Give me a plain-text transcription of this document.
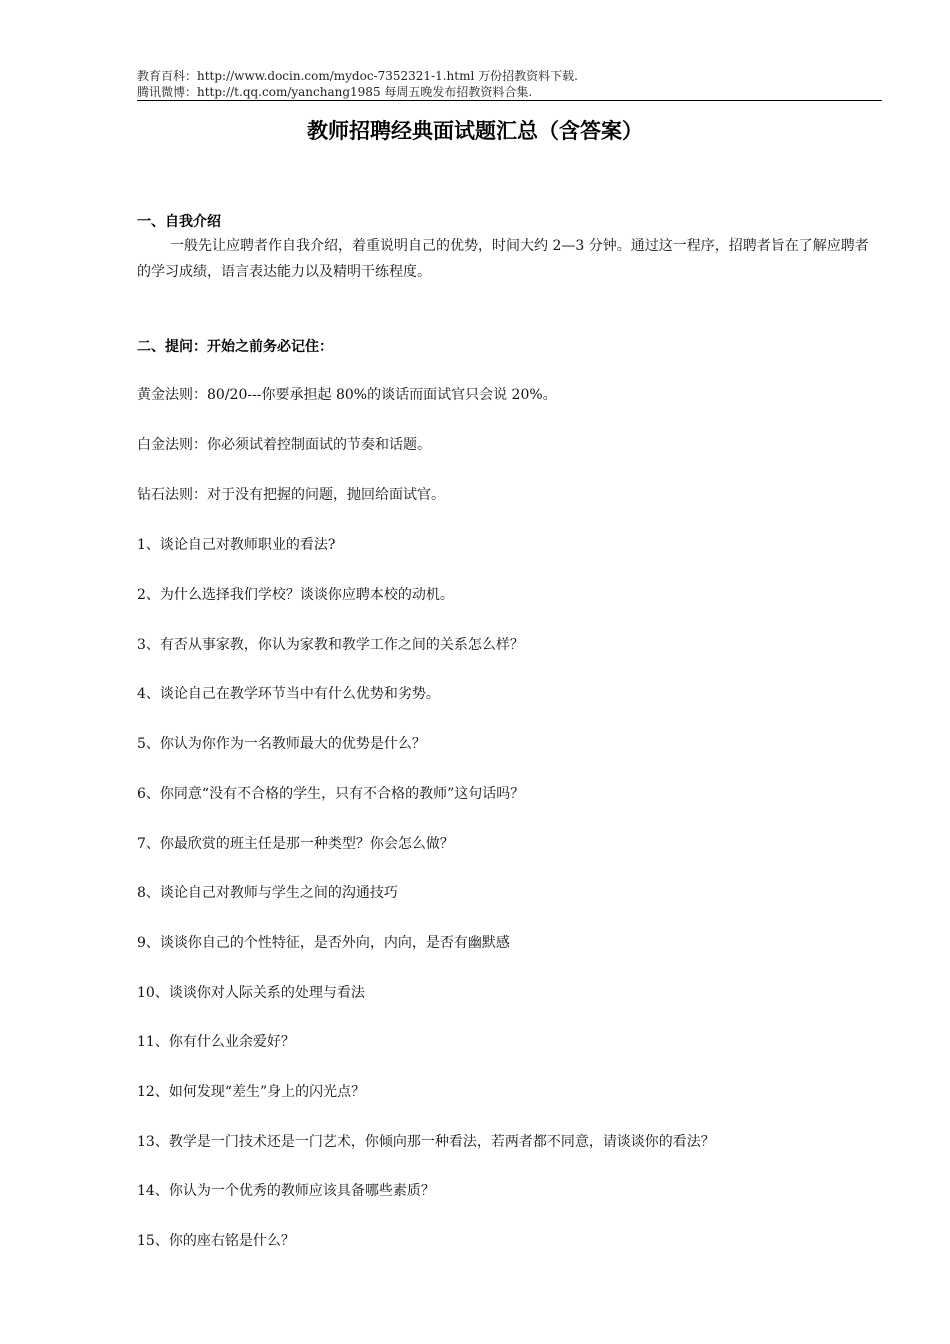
教育百科：http://www.docin.com/mydoc-7352321-1.html 万份招教资料下载.
腾讯微博：http://t.qq.com/yanchang1985 每周五晚发布招教资料合集.
教师招聘经典面试题汇总（含答案）
一、自我介绍
一般先让应聘者作自我介绍，着重说明自己的优势，时间大约 2—3 分钟。通过这一程序，招聘者旨在了解应聘者的学习成绩，语言表达能力以及精明干练程度。
二、提问：开始之前务必记住：
黄金法则：80/20---你要承担起 80%的谈话而面试官只会说 20%。
白金法则：你必须试着控制面试的节奏和话题。
钻石法则：对于没有把握的问题，抛回给面试官。
1、谈论自己对教师职业的看法?
2、为什么选择我们学校？谈谈你应聘本校的动机。
3、有否从事家教，你认为家教和教学工作之间的关系怎么样？
4、谈论自己在教学环节当中有什么优势和劣势。
5、你认为你作为一名教师最大的优势是什么？
6、你同意“没有不合格的学生，只有不合格的教师”这句话吗？
7、你最欣赏的班主任是那一种类型？你会怎么做？
8、谈论自己对教师与学生之间的沟通技巧
9、谈谈你自己的个性特征，是否外向，内向，是否有幽默感
10、谈谈你对人际关系的处理与看法
11、你有什么业余爱好？
12、如何发现“差生”身上的闪光点？
13、教学是一门技术还是一门艺术，你倾向那一种看法，若两者都不同意，请谈谈你的看法？
14、你认为一个优秀的教师应该具备哪些素质？
15、你的座右铭是什么？
